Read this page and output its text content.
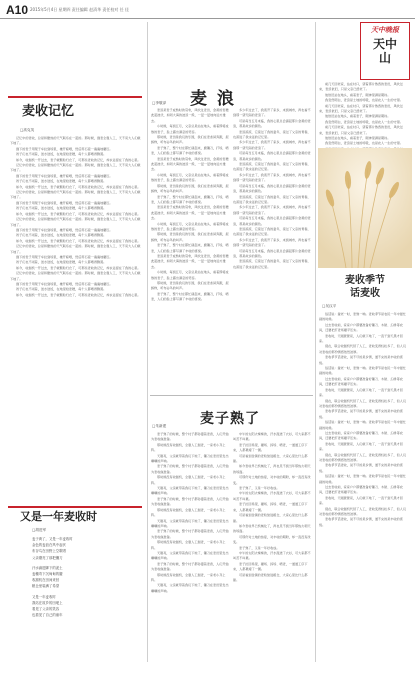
A10 2015年5月4日 星期四 责任编辑 赵清华 责任校对 任 佳
麦 浪
□李敬泽

麦浪是麦子成熟时的景象，风吹过麦田，金黄的麦穗此起彼伏，如同大海的波浪一般，一层一层地向远方推去。

小时候，每到五月，父亲总是站在地头，看着即将成熟的麦子，脸上露出满意的笑容。

那时候，麦田是我们的乐园，我们在麦垄间奔跑，捉蚂蚱，听布谷鸟的叫声。

麦子熟了，整个村庄都忙碌起来，磨镰刀，打场，晒麦，人们的脸上都写满了丰收的喜悦。

麦浪是麦子成熟时的景象，风吹过麦田，金黄的麦穗此起彼伏，如同大海的波浪一般，一层一层地向远方推去。

小时候，每到五月，父亲总是站在地头，看着即将成熟的麦子，脸上露出满意的笑容。

那时候，麦田是我们的乐园，我们在麦垄间奔跑，捉蚂蚱，听布谷鸟的叫声。

麦子熟了，整个村庄都忙碌起来，磨镰刀，打场，晒麦，人们的脸上都写满了丰收的喜悦。

麦浪是麦子成熟时的景象，风吹过麦田，金黄的麦穗此起彼伏，如同大海的波浪一般，一层一层地向远方推去。

小时候，每到五月，父亲总是站在地头，看着即将成熟的麦子，脸上露出满意的笑容。

那时候，麦田是我们的乐园，我们在麦垄间奔跑，捉蚂蚱，听布谷鸟的叫声。

麦子熟了，整个村庄都忙碌起来，磨镰刀，打场，晒麦，人们的脸上都写满了丰收的喜悦。

麦浪是麦子成熟时的景象，风吹过麦田，金黄的麦穗此起彼伏，如同大海的波浪一般，一层一层地向远方推去。

小时候，每到五月，父亲总是站在地头，看着即将成熟的麦子，脸上露出满意的笑容。

那时候，麦田是我们的乐园，我们在麦垄间奔跑，捉蚂蚱，听布谷鸟的叫声。

麦子熟了，整个村庄都忙碌起来，磨镰刀，打场，晒麦，人们的脸上都写满了丰收的喜悦。

多少年过去了，我离开了家乡，来到城市，再也看不到那一望无际的麦浪了。

可是每当五月来临，我的心里总会涌起那片金黄的麦浪，那是故乡的颜色。

麦浪滚滚，它滚过了我的童年，滚过了父亲的青春，也滚进了我永远的记忆里。

多少年过去了，我离开了家乡，来到城市，再也看不到那一望无际的麦浪了。

可是每当五月来临，我的心里总会涌起那片金黄的麦浪，那是故乡的颜色。

麦浪滚滚，它滚过了我的童年，滚过了父亲的青春，也滚进了我永远的记忆里。

多少年过去了，我离开了家乡，来到城市，再也看不到那一望无际的麦浪了。

可是每当五月来临，我的心里总会涌起那片金黄的麦浪，那是故乡的颜色。

麦浪滚滚，它滚过了我的童年，滚过了父亲的青春，也滚进了我永远的记忆里。

多少年过去了，我离开了家乡，来到城市，再也看不到那一望无际的麦浪了。

可是每当五月来临，我的心里总会涌起那片金黄的麦浪，那是故乡的颜色。

麦浪滚滚，它滚过了我的童年，滚过了父亲的青春，也滚进了我永远的记忆里。

多少年过去了，我离开了家乡，来到城市，再也看不到那一望无际的麦浪了。

可是每当五月来临，我的心里总会涌起那片金黄的麦浪，那是故乡的颜色。

麦浪滚滚，它滚过了我的童年，滚过了父亲的青春，也滚进了我永远的记忆里。

麦收记忆
□高克英

记忆中的麦收，总是和酷热的天气联系在一起的。那时候，割麦全靠人工，天不亮大人们就下地了。

割下的麦子用架子车拉到场里，摊开晾晒，然后用石磙一遍遍地碾压。

孩子们也不闲着，送水送饭，在地里拾麦穗，每个人都晒得黝黑。

如今，收割机一开过去，麦子就颗粒归仓了，可那些麦收的记忆，却永远留在了我的心里。

记忆中的麦收，总是和酷热的天气联系在一起的。那时候，割麦全靠人工，天不亮大人们就下地了。

割下的麦子用架子车拉到场里，摊开晾晒，然后用石磙一遍遍地碾压。

孩子们也不闲着，送水送饭，在地里拾麦穗，每个人都晒得黝黑。

如今，收割机一开过去，麦子就颗粒归仓了，可那些麦收的记忆，却永远留在了我的心里。

记忆中的麦收，总是和酷热的天气联系在一起的。那时候，割麦全靠人工，天不亮大人们就下地了。

割下的麦子用架子车拉到场里，摊开晾晒，然后用石磙一遍遍地碾压。

孩子们也不闲着，送水送饭，在地里拾麦穗，每个人都晒得黝黑。

如今，收割机一开过去，麦子就颗粒归仓了，可那些麦收的记忆，却永远留在了我的心里。

记忆中的麦收，总是和酷热的天气联系在一起的。那时候，割麦全靠人工，天不亮大人们就下地了。

割下的麦子用架子车拉到场里，摊开晾晒，然后用石磙一遍遍地碾压。

孩子们也不闲着，送水送饭，在地里拾麦穗，每个人都晒得黝黑。

如今，收割机一开过去，麦子就颗粒归仓了，可那些麦收的记忆，却永远留在了我的心里。

记忆中的麦收，总是和酷热的天气联系在一起的。那时候，割麦全靠人工，天不亮大人们就下地了。

割下的麦子用架子车拉到场里，摊开晾晒，然后用石磙一遍遍地碾压。

孩子们也不闲着，送水送饭，在地里拾麦穗，每个人都晒得黝黑。

如今，收割机一开过去，麦子就颗粒归仓了，可那些麦收的记忆，却永远留在了我的心里。

记忆中的麦收，总是和酷热的天气联系在一起的。那时候，割麦全靠人工，天不亮大人们就下地了。

割下的麦子用架子车拉到场里，摊开晾晒，然后用石磙一遍遍地碾压。

孩子们也不闲着，送水送饭，在地里拾麦穗，每个人都晒得黝黑。

如今，收割机一开过去，麦子就颗粒归仓了，可那些麦收的记忆，却永远留在了我的心里。

又是一年麦收时
□胡进军
麦子黄了，又是一年麦收时
金色的麦浪在风中起伏
布谷鸟在田野上空歌唱
父亲磨亮了那把镰刀
汗水滴进脚下的泥土
麦穗弯下沉甸甸的腰
收割机在田间来回
粮仓里装满了希望
又是一年麦收时
我站在故乡的田埂上
看见了父亲的笑容
也看见了自己的童年
麦子熟了
□朱新建

麦子熟了的时候，整个村子都弥漫着麦香，人们开始为麦收做准备。

那时候没有收割机，全靠人工割麦，一家老小齐上阵。

天刚亮，父亲就带着我们下地了，镰刀在麦田里发出唰唰的声响。

麦子熟了的时候，整个村子都弥漫着麦香，人们开始为麦收做准备。

那时候没有收割机，全靠人工割麦，一家老小齐上阵。

天刚亮，父亲就带着我们下地了，镰刀在麦田里发出唰唰的声响。

麦子熟了的时候，整个村子都弥漫着麦香，人们开始为麦收做准备。

那时候没有收割机，全靠人工割麦，一家老小齐上阵。

天刚亮，父亲就带着我们下地了，镰刀在麦田里发出唰唰的声响。

麦子熟了的时候，整个村子都弥漫着麦香，人们开始为麦收做准备。

那时候没有收割机，全靠人工割麦，一家老小齐上阵。

天刚亮，父亲就带着我们下地了，镰刀在麦田里发出唰唰的声响。

麦子熟了的时候，整个村子都弥漫着麦香，人们开始为麦收做准备。

那时候没有收割机，全靠人工割麦，一家老小齐上阵。

天刚亮，父亲就带着我们下地了，镰刀在麦田里发出唰唰的声响。

中午的太阳火辣辣的，汗水湿透了衣衫，可大家都不叫苦不叫累。

麦子拉回场里，碾场、扬场、晒麦，一道道工序下来，人都累瘦了一圈。

可是看到金黄的麦粒装进粮仓，大家心里比什么都甜。

如今麦收早已机械化了，再也见不到当年那热火朝天的场面。

可那份对土地的热爱，对丰收的期盼，却一直没有改变。

麦子熟了，又是一年好收成。

中午的太阳火辣辣的，汗水湿透了衣衫，可大家都不叫苦不叫累。

麦子拉回场里，碾场、扬场、晒麦，一道道工序下来，人都累瘦了一圈。

可是看到金黄的麦粒装进粮仓，大家心里比什么都甜。

如今麦收早已机械化了，再也见不到当年那热火朝天的场面。

可那份对土地的热爱，对丰收的期盼，却一直没有改变。

麦子熟了，又是一年好收成。

中午的太阳火辣辣的，汗水湿透了衣衫，可大家都不叫苦不叫累。

麦子拉回场里，碾场、扬场、晒麦，一道道工序下来，人都累瘦了一圈。

可是看到金黄的麦粒装进粮仓，大家心里比什么都甜。

天中晚报
天中
山

前几天回老家，站在村口，望着那片熟悉的麦田，风吹过来，麦浪依旧，只是父亲已经老了。

他依旧站在地头，看着麦子，眼神里满是期待。

我忽然明白，麦浪是土地的呼吸，也是农人一生的守望。

前几天回老家，站在村口，望着那片熟悉的麦田，风吹过来，麦浪依旧，只是父亲已经老了。

他依旧站在地头，看着麦子，眼神里满是期待。

我忽然明白，麦浪是土地的呼吸，也是农人一生的守望。

前几天回老家，站在村口，望着那片熟悉的麦田，风吹过来，麦浪依旧，只是父亲已经老了。

他依旧站在地头，看着麦子，眼神里满是期待。

我忽然明白，麦浪是土地的呼吸，也是农人一生的守望。

麦收季节
话麦收
□吴汉平

俗话说：蚕老一时，麦熟一晌。麦收季节是农民一年中最忙碌的时候。

过去麦收前，家家户户都要准备好镰刀、木锨、扫帚等农具，还要把打麦场碾平压实。

麦收时，天刚蒙蒙亮，人们就下地了，一直干到天黑才回家。

现在，联合收割机代替了人工，麦收变得轻松多了，但人们对麦收的那份情感依然浓厚。

麦收季节话麦收，说不尽的是乡情，道不完的是丰收的喜悦。

俗话说：蚕老一时，麦熟一晌。麦收季节是农民一年中最忙碌的时候。

过去麦收前，家家户户都要准备好镰刀、木锨、扫帚等农具，还要把打麦场碾平压实。

麦收时，天刚蒙蒙亮，人们就下地了，一直干到天黑才回家。

现在，联合收割机代替了人工，麦收变得轻松多了，但人们对麦收的那份情感依然浓厚。

麦收季节话麦收，说不尽的是乡情，道不完的是丰收的喜悦。

俗话说：蚕老一时，麦熟一晌。麦收季节是农民一年中最忙碌的时候。

过去麦收前，家家户户都要准备好镰刀、木锨、扫帚等农具，还要把打麦场碾平压实。

麦收时，天刚蒙蒙亮，人们就下地了，一直干到天黑才回家。

现在，联合收割机代替了人工，麦收变得轻松多了，但人们对麦收的那份情感依然浓厚。

麦收季节话麦收，说不尽的是乡情，道不完的是丰收的喜悦。

俗话说：蚕老一时，麦熟一晌。麦收季节是农民一年中最忙碌的时候。

过去麦收前，家家户户都要准备好镰刀、木锨、扫帚等农具，还要把打麦场碾平压实。

麦收时，天刚蒙蒙亮，人们就下地了，一直干到天黑才回家。

现在，联合收割机代替了人工，麦收变得轻松多了，但人们对麦收的那份情感依然浓厚。

麦收季节话麦收，说不尽的是乡情，道不完的是丰收的喜悦。
